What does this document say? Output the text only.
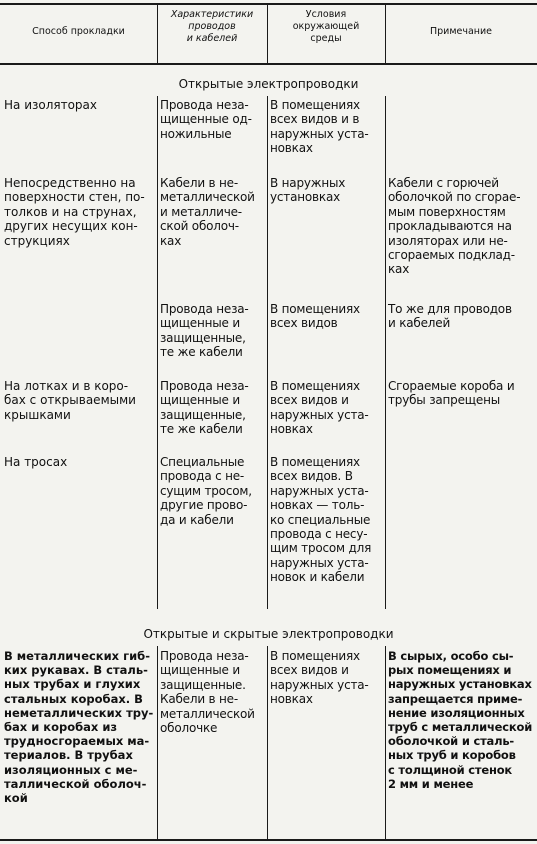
Способ прокладки
Характеристики
проводов
и кабелей
Условия
окружающей
среды
Примечание
Открытые электропроводки
На изоляторах	Провода неза-
щищенные од-
ножильные
В помещениях
всех видов и в
наружных уста-
новках
Непосредственно на
поверхности стен, по-
толков и на струнах,
других несущих кон-
струкциях
Кабели в не-
металлической
и металличе-
ской оболоч-
ках
В наружных
установках
Кабели с горючей
оболочкой по сгорае-
мым поверхностям
прокладываются на
изоляторах или не-
сгораемых подклад-
ках
Провода неза-
щищенные и
защищенные,
те же кабели
В помещениях
всех видов
То же для проводов
и кабелей
На лотках и в коро-
бах с открываемыми
крышками
Провода неза-
щищенные и
защищенные,
те же кабели
В помещениях
всех видов и
наружных уста-
новках
Сгораемые короба и
трубы запрещены
На тросах	Специальные
провода с не-
сущим тросом,
другие прово-
да и кабели
В помещениях
всех видов. В
наружных уста-
новках — толь-
ко специальные
провода с несу-
щим тросом для
наружных уста-
новок и кабели
Открытые и скрытые электропроводки
В металлических гиб-
ких рукавах. В сталь-
ных трубах и глухих
стальных коробах. В
неметаллических тру-
бах и коробах из
трудносгораемых ма-
териалов. В трубах
изоляционных с ме-
таллической оболоч-
кой
Провода неза-
щищенные и
защищенные.
Кабели в не-
металлической
оболочке
В помещениях
всех видов и
наружных уста-
новках
В сырых, особо сы-
рых помещениях и
наружных установках
запрещается приме-
нение изоляционных
труб с металлической
оболочкой и сталь-
ных труб и коробов
с толщиной стенок
2 мм и менее
